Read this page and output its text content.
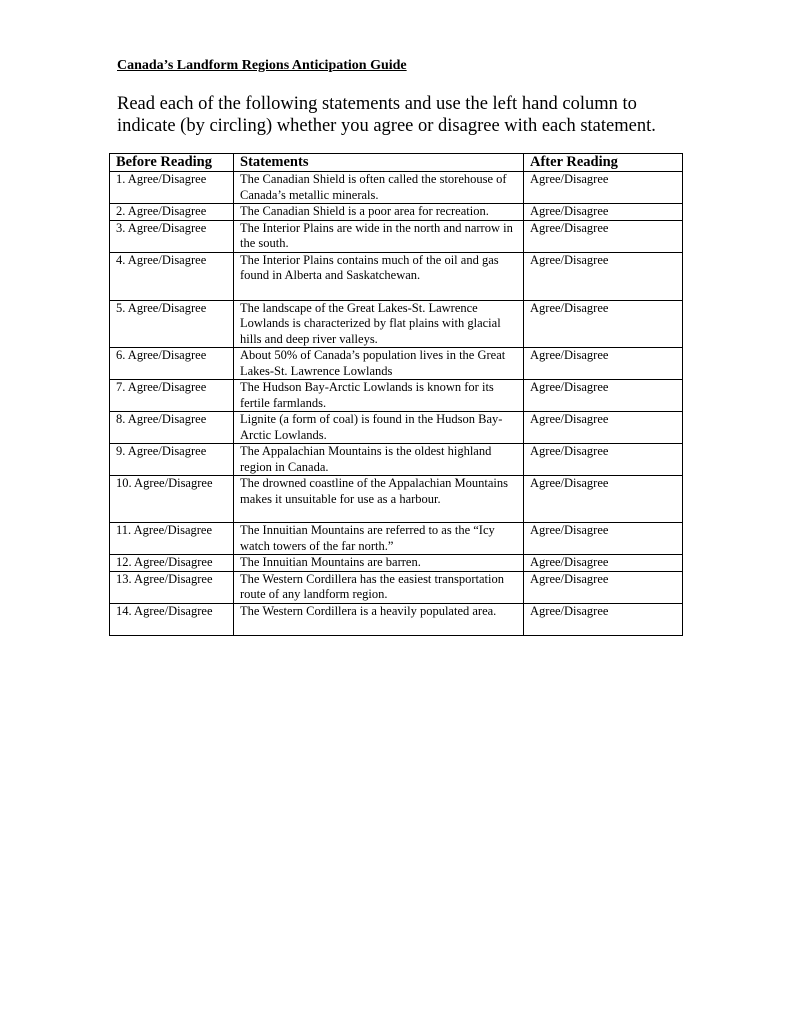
Canada’s Landform Regions Anticipation Guide
Read each of the following statements and use the left hand column to indicate (by circling) whether you agree or disagree with each statement.
Before Reading	Statements	After Reading
1. Agree/Disagree	The Canadian Shield is often called the storehouse of Canada’s metallic minerals.	Agree/Disagree
2. Agree/Disagree	The Canadian Shield is a poor area for recreation.	Agree/Disagree
3. Agree/Disagree	The Interior Plains are wide in the north and narrow in the south.	Agree/Disagree
4. Agree/Disagree	The Interior Plains contains much of the oil and gas found in Alberta and Saskatchewan.	Agree/Disagree
5. Agree/Disagree	The landscape of the Great Lakes-St. Lawrence Lowlands is characterized by flat plains with glacial hills and deep river valleys.	Agree/Disagree
6. Agree/Disagree	About 50% of Canada’s population lives in the Great Lakes-St. Lawrence Lowlands	Agree/Disagree
7. Agree/Disagree	The Hudson Bay-Arctic Lowlands is known for its fertile farmlands.	Agree/Disagree
8. Agree/Disagree	Lignite (a form of coal) is found in the Hudson Bay-Arctic Lowlands.	Agree/Disagree
9. Agree/Disagree	The Appalachian Mountains is the oldest highland region in Canada.	Agree/Disagree
10. Agree/Disagree	The drowned coastline of the Appalachian Mountains makes it unsuitable for use as a harbour.	Agree/Disagree
11. Agree/Disagree	The Innuitian Mountains are referred to as the “Icy watch towers of the far north.”	Agree/Disagree
12. Agree/Disagree	The Innuitian Mountains are barren.	Agree/Disagree
13. Agree/Disagree	The Western Cordillera has the easiest transportation route of any landform region.	Agree/Disagree
14. Agree/Disagree	The Western Cordillera is a heavily populated area.	Agree/Disagree
